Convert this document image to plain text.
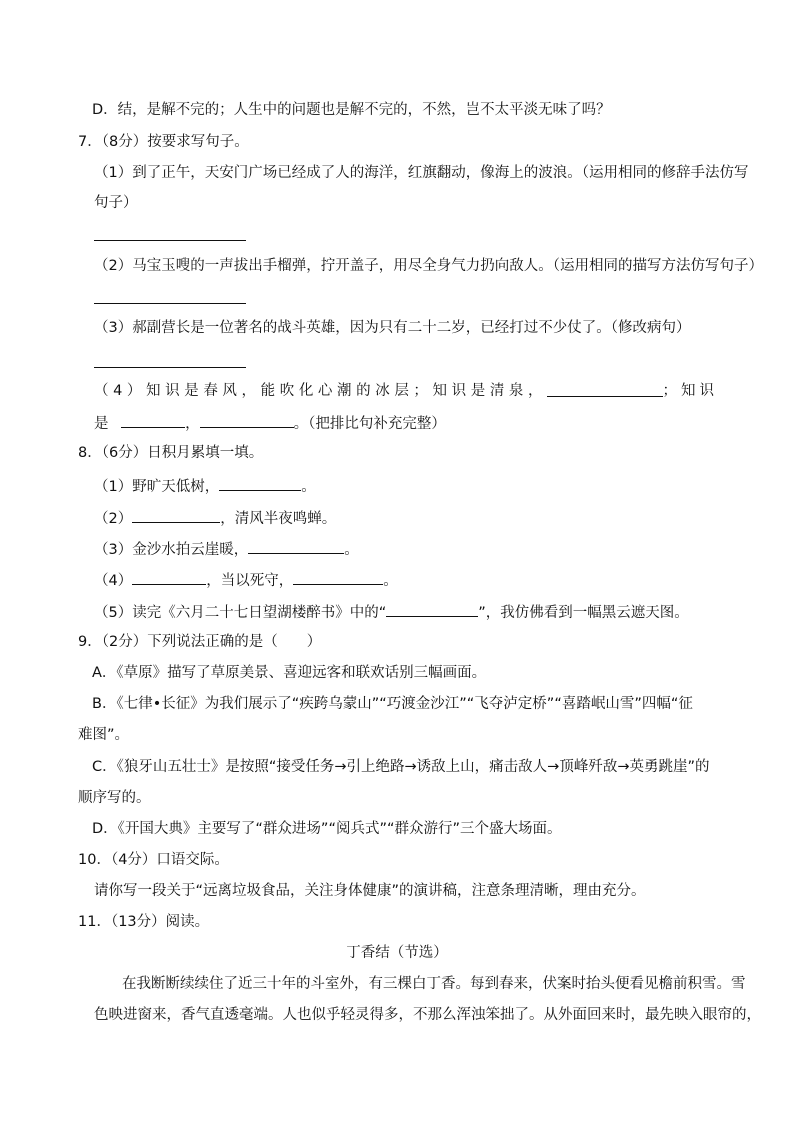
D．结，是解不完的；人生中的问题也是解不完的，不然，岂不太平淡无味了吗？
7．（8分）按要求写句子。
（1）到了正午，天安门广场已经成了人的海洋，红旗翻动，像海上的波浪。（运用相同的修辞手法仿写
句子）
（2）马宝玉嗖的一声拔出手榴弹，拧开盖子，用尽全身气力扔向敌人。（运用相同的描写方法仿写句子）
（3）郝副营长是一位著名的战斗英雄，因为只有二十二岁，已经打过不少仗了。（修改病句）
（4）知识是春风，能吹化心潮的冰层；知识是清泉，	；知识
是	，	。（把排比句补充完整）
8．（6分）日积月累填一填。
（1）野旷天低树，	。
（2）	，清风半夜鸣蝉。
（3）金沙水拍云崖暖，	。
（4）	，当以死守，	。
（5）读完《六月二十七日望湖楼醉书》中的“	”，我仿佛看到一幅黑云遮天图。
9．（2分）下列说法正确的是（　　）
A．《草原》描写了草原美景、喜迎远客和联欢话别三幅画面。
B．《七律•长征》为我们展示了“疾跨乌蒙山”“巧渡金沙江”“飞夺泸定桥”“喜踏岷山雪”四幅“征
难图”。
C．《狼牙山五壮士》是按照“接受任务→引上绝路→诱敌上山，痛击敌人→顶峰歼敌→英勇跳崖”的
顺序写的。
D．《开国大典》主要写了“群众进场”“阅兵式”“群众游行”三个盛大场面。
10．（4分）口语交际。
请你写一段关于“远离垃圾食品，关注身体健康”的演讲稿，注意条理清晰，理由充分。
11．（13分）阅读。
丁香结（节选）
在我断断续续住了近三十年的斗室外，有三棵白丁香。每到春来，伏案时抬头便看见檐前积雪。雪
色映进窗来，香气直透毫端。人也似乎轻灵得多，不那么浑浊笨拙了。从外面回来时，最先映入眼帘的，
